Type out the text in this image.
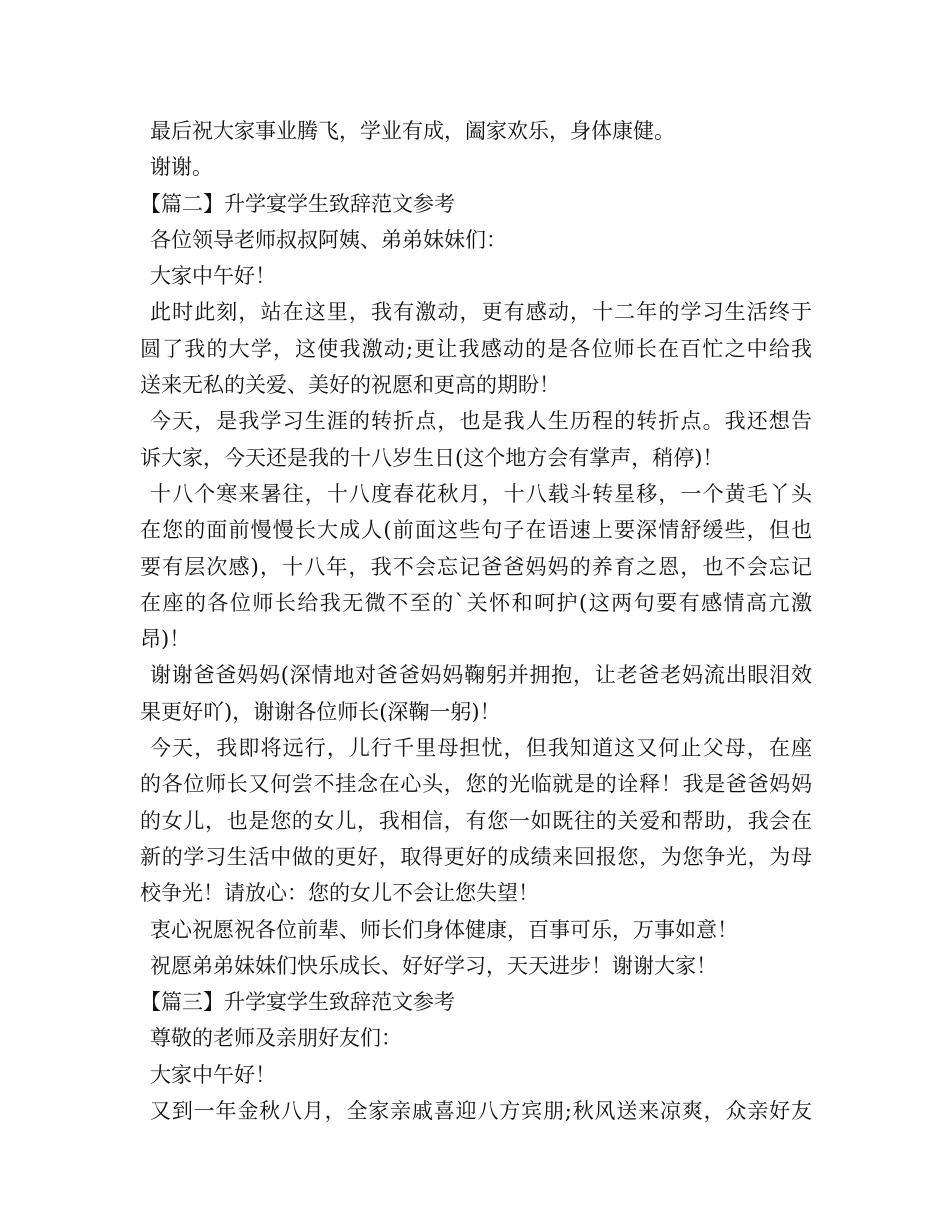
最后祝大家事业腾飞，学业有成，阖家欢乐，身体康健。
谢谢。
【篇二】升学宴学生致辞范文参考
各位领导老师叔叔阿姨、弟弟妹妹们：
大家中午好！
此时此刻，站在这里，我有激动，更有感动，十二年的学习生活终于
圆了我的大学，这使我激动;更让我感动的是各位师长在百忙之中给我
送来无私的关爱、美好的祝愿和更高的期盼！
今天，是我学习生涯的转折点，也是我人生历程的转折点。我还想告
诉大家，今天还是我的十八岁生日(这个地方会有掌声，稍停)！
十八个寒来暑往，十八度春花秋月，十八载斗转星移，一个黄毛丫头
在您的面前慢慢长大成人(前面这些句子在语速上要深情舒缓些，但也
要有层次感)，十八年，我不会忘记爸爸妈妈的养育之恩，也不会忘记
在座的各位师长给我无微不至的`关怀和呵护(这两句要有感情高亢激
昂)！
谢谢爸爸妈妈(深情地对爸爸妈妈鞠躬并拥抱，让老爸老妈流出眼泪效
果更好吖)，谢谢各位师长(深鞠一躬)！
今天，我即将远行，儿行千里母担忧，但我知道这又何止父母，在座
的各位师长又何尝不挂念在心头，您的光临就是的诠释！我是爸爸妈妈
的女儿，也是您的女儿，我相信，有您一如既往的关爱和帮助，我会在
新的学习生活中做的更好，取得更好的成绩来回报您，为您争光，为母
校争光！请放心：您的女儿不会让您失望！
衷心祝愿祝各位前辈、师长们身体健康，百事可乐，万事如意！
祝愿弟弟妹妹们快乐成长、好好学习，天天进步！谢谢大家！
【篇三】升学宴学生致辞范文参考
尊敬的老师及亲朋好友们：
大家中午好！
又到一年金秋八月，全家亲戚喜迎八方宾朋;秋风送来凉爽，众亲好友
